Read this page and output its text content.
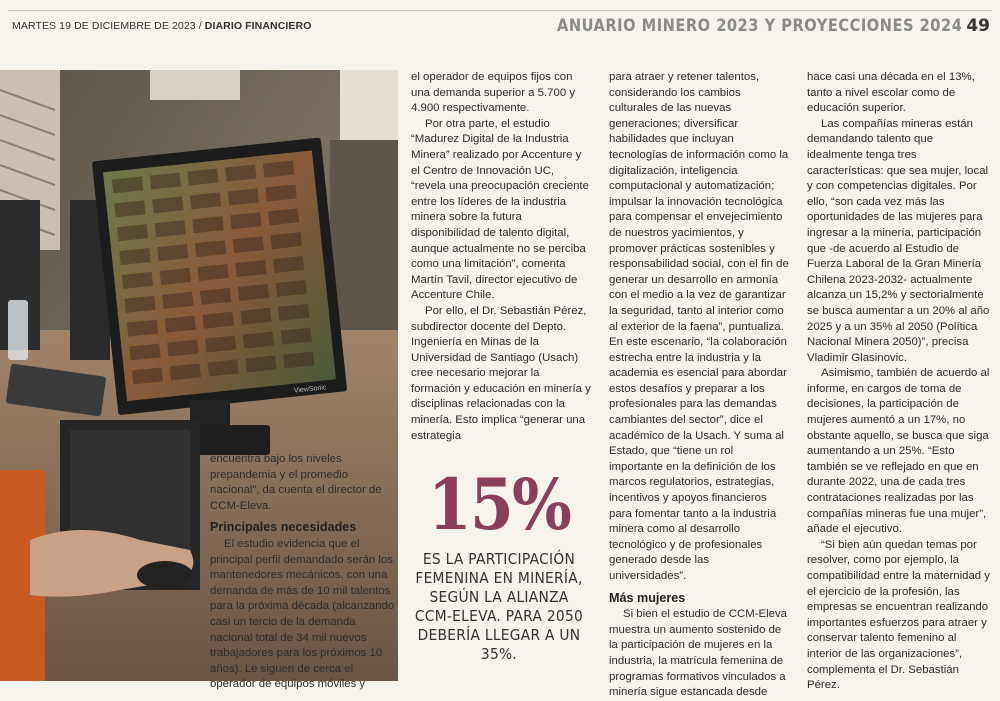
MARTES 19 DE DICIEMBRE DE 2023 / DIARIO FINANCIERO	ANUARIO MINERO 2023 Y PROYECCIONES 2024 49
ViewSonic

encuentra bajo los niveles prepandemia y el promedio nacional”, da cuenta el director de CCM-Eleva.

Principales necesidades

El estudio evidencia que el principal perfil demandado serán los mantenedores mecánicos, con una demanda de más de 10 mil talentos para la próxima década (alcanzando casi un tercio de la demanda nacional total de 34 mil nuevos trabajadores para los próximos 10 años). Le siguen de cerca el operador de equipos móviles y

el operador de equipos fijos con una demanda superior a 5.700 y 4.900 respectivamente.

Por otra parte, el estudio “Madurez Digital de la Industria Minera” realizado por Accenture y el Centro de Innovación UC, “revela una preocupación creciente entre los líderes de la industria minera sobre la futura disponibilidad de talento digital, aunque actualmente no se perciba como una limitación”, comenta Martín Tavil, director ejecutivo de Accenture Chile.

Por ello, el Dr. Sebastián Pérez, subdirector docente del Depto. Ingeniería en Minas de la Universidad de Santiago (Usach) cree necesario mejorar la formación y educación en minería y disciplinas relacionadas con la minería. Esto implica “generar una estrategia

15%
ES LA PARTICIPACIÓN FEMENINA EN MINERÍA, SEGÚN LA ALIANZA CCM-ELEVA. PARA 2050 DEBERÍA LLEGAR A UN 35%.

para atraer y retener talentos, considerando los cambios culturales de las nuevas generaciones; diversificar habilidades que incluyan tecnologías de información como la digitalización, inteligencia computacional y automatización; impulsar la innovación tecnológica para compensar el envejecimiento de nuestros yacimientos, y promover prácticas sostenibles y responsabilidad social, con el fin de generar un desarrollo en armonía con el medio a la vez de garantizar la seguridad, tanto al interior como al exterior de la faena”, puntualiza. En este escenario, “la colaboración estrecha entre la industria y la academia es esencial para abordar estos desafíos y preparar a los profesionales para las demandas cambiantes del sector”, dice el académico de la Usach. Y suma al Estado, que “tiene un rol importante en la definición de los marcos regulatorios, estrategias, incentivos y apoyos financieros para fomentar tanto a la industria minera como al desarrollo tecnológico y de profesionales generado desde las universidades”.

Más mujeres

Si bien el estudio de CCM-Eleva muestra un aumento sostenido de la participación de mujeres en la industria, la matrícula femenina de programas formativos vinculados a minería sigue estancada desde

hace casi una década en el 13%, tanto a nivel escolar como de educación superior.

Las compañías mineras están demandando talento que idealmente tenga tres características: que sea mujer, local y con competencias digitales. Por ello, “son cada vez más las oportunidades de las mujeres para ingresar a la minería, participación que -de acuerdo al Estudio de Fuerza Laboral de la Gran Minería Chilena 2023-2032- actualmente alcanza un 15,2% y sectorialmente se busca aumentar a un 20% al año 2025 y a un 35% al 2050 (Política Nacional Minera 2050)”, precisa Vladimir Glasinovic.

Asimismo, también de acuerdo al informe, en cargos de toma de decisiones, la participación de mujeres aumentó a un 17%, no obstante aquello, se busca que siga aumentando a un 25%. “Esto también se ve reflejado en que en durante 2022, una de cada tres contrataciones realizadas por las compañías mineras fue una mujer”, añade el ejecutivo.

“Si bien aún quedan temas por resolver, como por ejemplo, la compatibilidad entre la maternidad y el ejercicio de la profesión, las empresas se encuentran realizando importantes esfuerzos para atraer y conservar talento femenino al interior de las organizaciones”, complementa el Dr. Sebastián Pérez.
